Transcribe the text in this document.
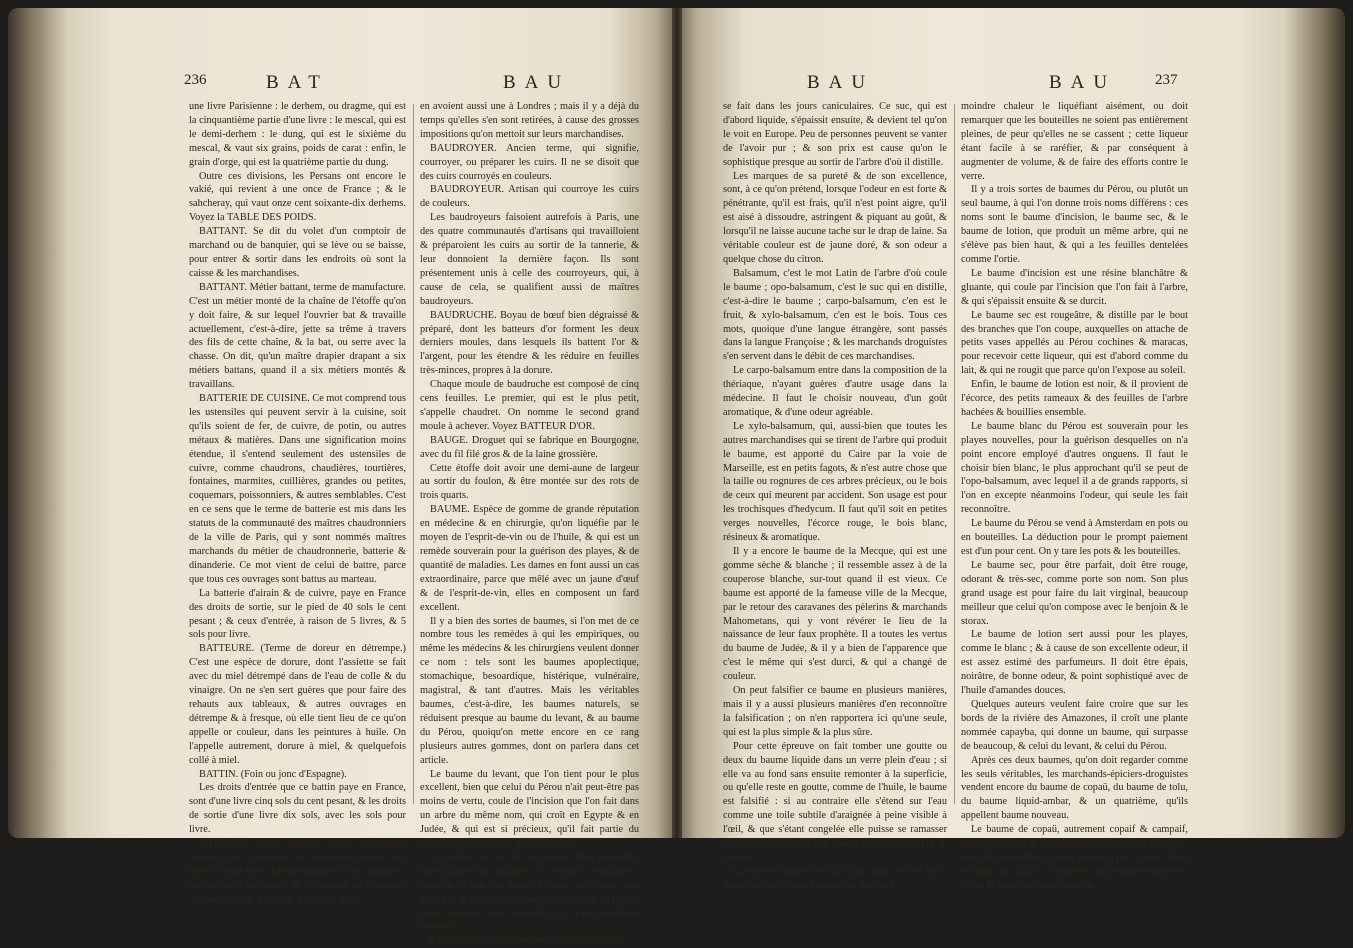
236	BAT	BAU

une livre Parisienne : le derhem, ou dragme, qui est la cinquantième partie d'une livre : le mescal, qui est le demi-derhem : le dung, qui est le sixième du mescal, & vaut six grains, poids de carat : enfin, le grain d'orge, qui est la quatrième partie du dung.

Outre ces divisions, les Persans ont encore le vakié, qui revient à une once de France ; & le sahcheray, qui vaut onze cent soixante-dix derhems. Voyez la TABLE DES POIDS.

BATTANT. Se dit du volet d'un comptoir de marchand ou de banquier, qui se lève ou se baisse, pour entrer & sortir dans les endroits où sont la caisse & les marchandises.

BATTANT. Métier battant, terme de manufacture. C'est un métier monté de la chaîne de l'étoffe qu'on y doit faire, & sur lequel l'ouvrier bat & travaille actuellement, c'est-à-dire, jette sa trême à travers des fils de cette chaîne, & la bat, ou serre avec la chasse. On dit, qu'un maître drapier drapant a six métiers battans, quand il a six métiers montés & travaillans.

BATTERIE DE CUISINE. Ce mot comprend tous les ustensiles qui peuvent servir à la cuisine, soit qu'ils soient de fer, de cuivre, de potin, ou autres métaux & matières. Dans une signification moins étendue, il s'entend seulement des ustensiles de cuivre, comme chaudrons, chaudières, tourtières, fontaines, marmites, cuillières, grandes ou petites, coquemars, poissonniers, & autres semblables. C'est en ce sens que le terme de batterie est mis dans les statuts de la communauté des maîtres chaudronniers de la ville de Paris, qui y sont nommés maîtres marchands du métier de chaudronnerie, batterie & dinanderie. Ce mot vient de celui de battre, parce que tous ces ouvrages sont battus au marteau.

La batterie d'airain & de cuivre, paye en France des droits de sortie, sur le pied de 40 sols le cent pesant ; & ceux d'entrée, à raison de 5 livres, & 5 sols pour livre.

BATTEURE. (Terme de doreur en détrempe.) C'est une espèce de dorure, dont l'assiette se fait avec du miel détrempé dans de l'eau de colle & du vinaigre. On ne s'en sert guères que pour faire des rehauts aux tableaux, & autres ouvrages en détrempe & à fresque, où elle tient lieu de ce qu'on appelle or couleur, dans les peintures à huile. On l'appelle autrement, dorure à miel, & quelquefois collé à miel.

BATTIN. (Foin ou jonc d'Espagne).

Les droits d'entrée que ce battin paye en France, sont d'une livre cinq sols du cent pesant, & les droits de sortie d'une livre dix sols, avec les sols pour livre.

BATTORIE. Nom que les villes Anséatiques donnent aux comptoirs ou magasins qu'elles ont hors de chez elles. Les principales de ces battories, sont celles d'Archangel, de Novogrod, de Berghem, de Lisbonne, de Venise & d'Anvers. Elles

en avoient aussi une à Londres ; mais il y a déjà du temps qu'elles s'en sont retirées, à cause des grosses impositions qu'on mettoit sur leurs marchandises.

BAUDROYER. Ancien terme, qui signifie, courroyer, ou préparer les cuirs. Il ne se disoit que des cuirs courroyés en couleurs.

BAUDROYEUR. Artisan qui courroye les cuirs de couleurs.

Les baudroyeurs faisoient autrefois à Paris, une des quatre communautés d'artisans qui travailloient & préparoient les cuirs au sortir de la tannerie, & leur donnoient la dernière façon. Ils sont présentement unis à celle des courroyeurs, qui, à cause de cela, se qualifient aussi de maîtres baudroyeurs.

BAUDRUCHE. Boyau de bœuf bien dégraissé & préparé, dont les batteurs d'or forment les deux derniers moules, dans lesquels ils battent l'or & l'argent, pour les étendre & les réduire en feuilles très-minces, propres à la dorure.

Chaque moule de baudruche est composé de cinq cens feuilles. Le premier, qui est le plus petit, s'appelle chaudret. On nomme le second grand moule à achever. Voyez BATTEUR D'OR.

BAUGE. Droguet qui se fabrique en Bourgogne, avec du fil filé gros & de la laine grossière.

Cette étoffe doit avoir une demi-aune de largeur au sortir du foulon, & être montée sur des rots de trois quarts.

BAUME. Espèce de gomme de grande réputation en médecine & en chirurgie, qu'on liquéfie par le moyen de l'esprit-de-vin ou de l'huile, & qui est un remède souverain pour la guérison des playes, & de quantité de maladies. Les dames en font aussi un cas extraordinaire, parce que mêlé avec un jaune d'œuf & de l'esprit-de-vin, elles en composent un fard excellent.

Il y a bien des sortes de baumes, si l'on met de ce nombre tous les remèdes à qui les empiriques, ou même les médecins & les chirurgiens veulent donner ce nom : tels sont les baumes apoplectique, stomachique, besoardique, histérique, vulnéraire, magistral, & tant d'autres. Mais les véritables baumes, c'est-à-dire, les baumes naturels, se réduisent presque au baume du levant, & au baume du Pérou, quoiqu'on mette encore en ce rang plusieurs autres gommes, dont on parlera dans cet article.

Le baume du levant, que l'on tient pour le plus excellent, bien que celui du Pérou n'ait peut-être pas moins de vertu, coule de l'incision que l'on fait dans un arbre du même nom, qui croît en Egypte & en Judée, & qui est si précieux, qu'il fait partie du domaine particulier du grand seigneur.

Cet arbre, qui est de la hauteur d'un grenadier, jette quantité de branches. Sa feuille, semblable à celle de la rue, est toujours verte. Ses fleurs sont blanches & en forme d'étoiles, d'où sortent de petites bayes pointues, dans lesquelles il y a une médiocre amande.

L'incision par où coule cette admirable gomme,

BAU	BAU	237

se fait dans les jours caniculaires. Ce suc, qui est d'abord liquide, s'épaissit ensuite, & devient tel qu'on le voit en Europe. Peu de personnes peuvent se vanter de l'avoir pur ; & son prix est cause qu'on le sophistique presque au sortir de l'arbre d'où il distille.

Les marques de sa pureté & de son excellence, sont, à ce qu'on prétend, lorsque l'odeur en est forte & pénétrante, qu'il est frais, qu'il n'est point aigre, qu'il est aisé à dissoudre, astringent & piquant au goût, & lorsqu'il ne laisse aucune tache sur le drap de laine. Sa véritable couleur est de jaune doré, & son odeur a quelque chose du citron.

Balsamum, c'est le mot Latin de l'arbre d'où coule le baume ; opo-balsamum, c'est le suc qui en distille, c'est-à-dire le baume ; carpo-balsamum, c'en est le fruit, & xylo-balsamum, c'en est le bois. Tous ces mots, quoique d'une langue étrangère, sont passés dans la langue Françoise ; & les marchands droguistes s'en servent dans le débit de ces marchandises.

Le carpo-balsamum entre dans la composition de la thériaque, n'ayant guères d'autre usage dans la médecine. Il faut le choisir nouveau, d'un goût aromatique, & d'une odeur agréable.

Le xylo-balsamum, qui, aussi-bien que toutes les autres marchandises qui se tirent de l'arbre qui produit le baume, est apporté du Caire par la voie de Marseille, est en petits fagots, & n'est autre chose que la taille ou rognures de ces arbres précieux, ou le bois de ceux qui meurent par accident. Son usage est pour les trochisques d'hedycum. Il faut qu'il soit en petites verges nouvelles, l'écorce rouge, le bois blanc, résineux & aromatique.

Il y a encore le baume de la Mecque, qui est une gomme sèche & blanche ; il ressemble assez à de la couperose blanche, sur-tout quand il est vieux. Ce baume est apporté de la fameuse ville de la Mecque, par le retour des caravanes des pèlerins & marchands Mahometans, qui y vont révérer le lieu de la naissance de leur faux prophète. Il a toutes les vertus du baume de Judée, & il y a bien de l'apparence que c'est le même qui s'est durci, & qui a changé de couleur.

On peut falsifier ce baume en plusieurs manières, mais il y a aussi plusieurs manières d'en reconnoître la falsification ; on n'en rapportera ici qu'une seule, qui est la plus simple & la plus sûre.

Pour cette épreuve on fait tomber une goutte ou deux du baume liquide dans un verre plein d'eau ; si elle va au fond sans ensuite remonter à la superficie, ou qu'elle reste en goutte, comme de l'huile, le baume est falsifié : si au contraire elle s'étend sur l'eau comme une toile subtile d'araignée à peine visible à l'œil, & que s'étant congelée elle puisse se ramasser avec une épingle ou une paille, le baume est pur & naturel.

Lorsque le baume est trop épais, pour le tirer de la bouteille, on n'a qu'à l'approcher du feu, la

moindre chaleur le liquéfiant aisément, ou doit remarquer que les bouteilles ne soient pas entièrement pleines, de peur qu'elles ne se cassent ; cette liqueur étant facile à se raréfier, & par conséquent à augmenter de volume, & de faire des efforts contre le verre.

Il y a trois sortes de baumes du Pérou, ou plutôt un seul baume, à qui l'on donne trois noms différens : ces noms sont le baume d'incision, le baume sec, & le baume de lotion, que produit un même arbre, qui ne s'élève pas bien haut, & qui a les feuilles dentelées comme l'ortie.

Le baume d'incision est une résine blanchâtre & gluante, qui coule par l'incision que l'on fait à l'arbre, & qui s'épaissit ensuite & se durcit.

Le baume sec est rougeâtre, & distille par le bout des branches que l'on coupe, auxquelles on attache de petits vases appellés au Pérou cochines & maracas, pour recevoir cette liqueur, qui est d'abord comme du lait, & qui ne rougit que parce qu'on l'expose au soleil.

Enfin, le baume de lotion est noir, & il provient de l'écorce, des petits rameaux & des feuilles de l'arbre hachées & bouillies ensemble.

Le baume blanc du Pérou est souverain pour les playes nouvelles, pour la guérison desquelles on n'a point encore employé d'autres onguens. Il faut le choisir bien blanc, le plus approchant qu'il se peut de l'opo-balsamum, avec lequel il a de grands rapports, si l'on en excepte néanmoins l'odeur, qui seule les fait reconnoître.

Le baume du Pérou se vend à Amsterdam en pots ou en bouteilles. La déduction pour le prompt paiement est d'un pour cent. On y tare les pots & les bouteilles.

Le baume sec, pour être parfait, doit être rouge, odorant & très-sec, comme porte son nom. Son plus grand usage est pour faire du lait virginal, beaucoup meilleur que celui qu'on compose avec le benjoin & le storax.

Le baume de lotion sert aussi pour les playes, comme le blanc ; & à cause de son excellente odeur, il est assez estimé des parfumeurs. Il doit être épais, noirâtre, de bonne odeur, & point sophistiqué avec de l'huile d'amandes douces.

Quelques auteurs veulent faire croire que sur les bords de la rivière des Amazones, il croît une plante nommée capayba, qui donne un baume, qui surpasse de beaucoup, & celui du levant, & celui du Pérou.

Après ces deux baumes, qu'on doit regarder comme les seuls véritables, les marchands-épiciers-droguistes vendent encore du baume de copaü, du baume de tolu, du baume liquid-ambar, & un quatrième, qu'ils appellent baume nouveau.

Le baume de copaü, autrement copaif & campaif, vient du Brésil, & est envoyé en France, de Portugal, dans des bouteilles de terre pointues par le bout. Il est en huile, ou claire, ou épaisse : la première espèce est claire & blanche, d'une odeur de
